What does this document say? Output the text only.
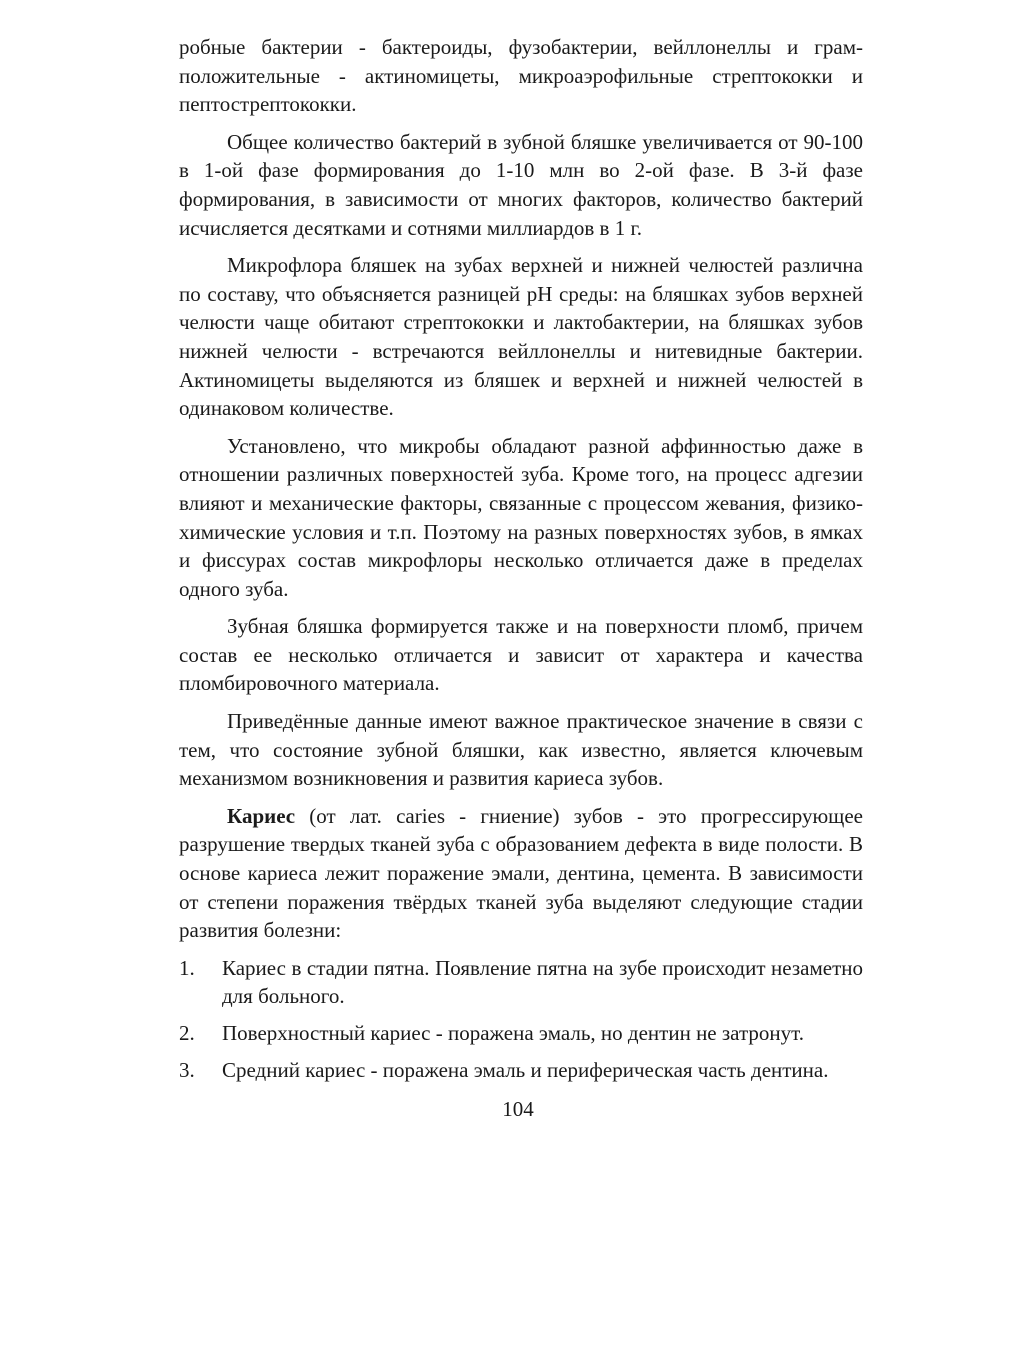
робные бактерии - бактероиды, фузобактерии, вейллонеллы и грам-положительные - актиномицеты, микроаэрофильные стрептококки и пептострептококки.

Общее количество бактерий в зубной бляшке увеличивается от 90-100 в 1-ой фазе формирования до 1-10 млн во 2-ой фазе. В 3-й фазе формирования, в зависимости от многих факторов, количество бактерий исчисляется десятками и сотнями миллиардов в 1 г.

Микрофлора бляшек на зубах верхней и нижней челюстей различна по составу, что объясняется разницей pH среды: на бляшках зубов верхней челюсти чаще обитают стрептококки и лактобактерии, на бляшках зубов нижней челюсти - встречаются вейллонеллы и нитевидные бактерии. Актиномицеты выделяются из бляшек и верхней и нижней челюстей в одинаковом количестве.

Установлено, что микробы обладают разной аффинностью даже в отношении различных поверхностей зуба. Кроме того, на процесс адгезии влияют и механические факторы, связанные с процессом жевания, физико-химические условия и т.п. Поэтому на разных поверхностях зубов, в ямках и фиссурах состав микрофлоры несколько отличается даже в пределах одного зуба.

Зубная бляшка формируется также и на поверхности пломб, причем состав ее несколько отличается и зависит от характера и качества пломбировочного материала.

Приведённые данные имеют важное практическое значение в связи с тем, что состояние зубной бляшки, как известно, является ключевым механизмом возникновения и развития кариеса зубов.

Кариес (от лат. caries - гниение) зубов - это прогрессирующее разрушение твердых тканей зуба с образованием дефекта в виде полости. В основе кариеса лежит поражение эмали, дентина, цемента. В зависимости от степени поражения твёрдых тканей зуба выделяют следующие стадии развития болезни:

1. Кариес в стадии пятна. Появление пятна на зубе происходит незаметно для больного.
2. Поверхностный кариес - поражена эмаль, но дентин не затронут.
3. Средний кариес - поражена эмаль и периферическая часть дентина.
104
